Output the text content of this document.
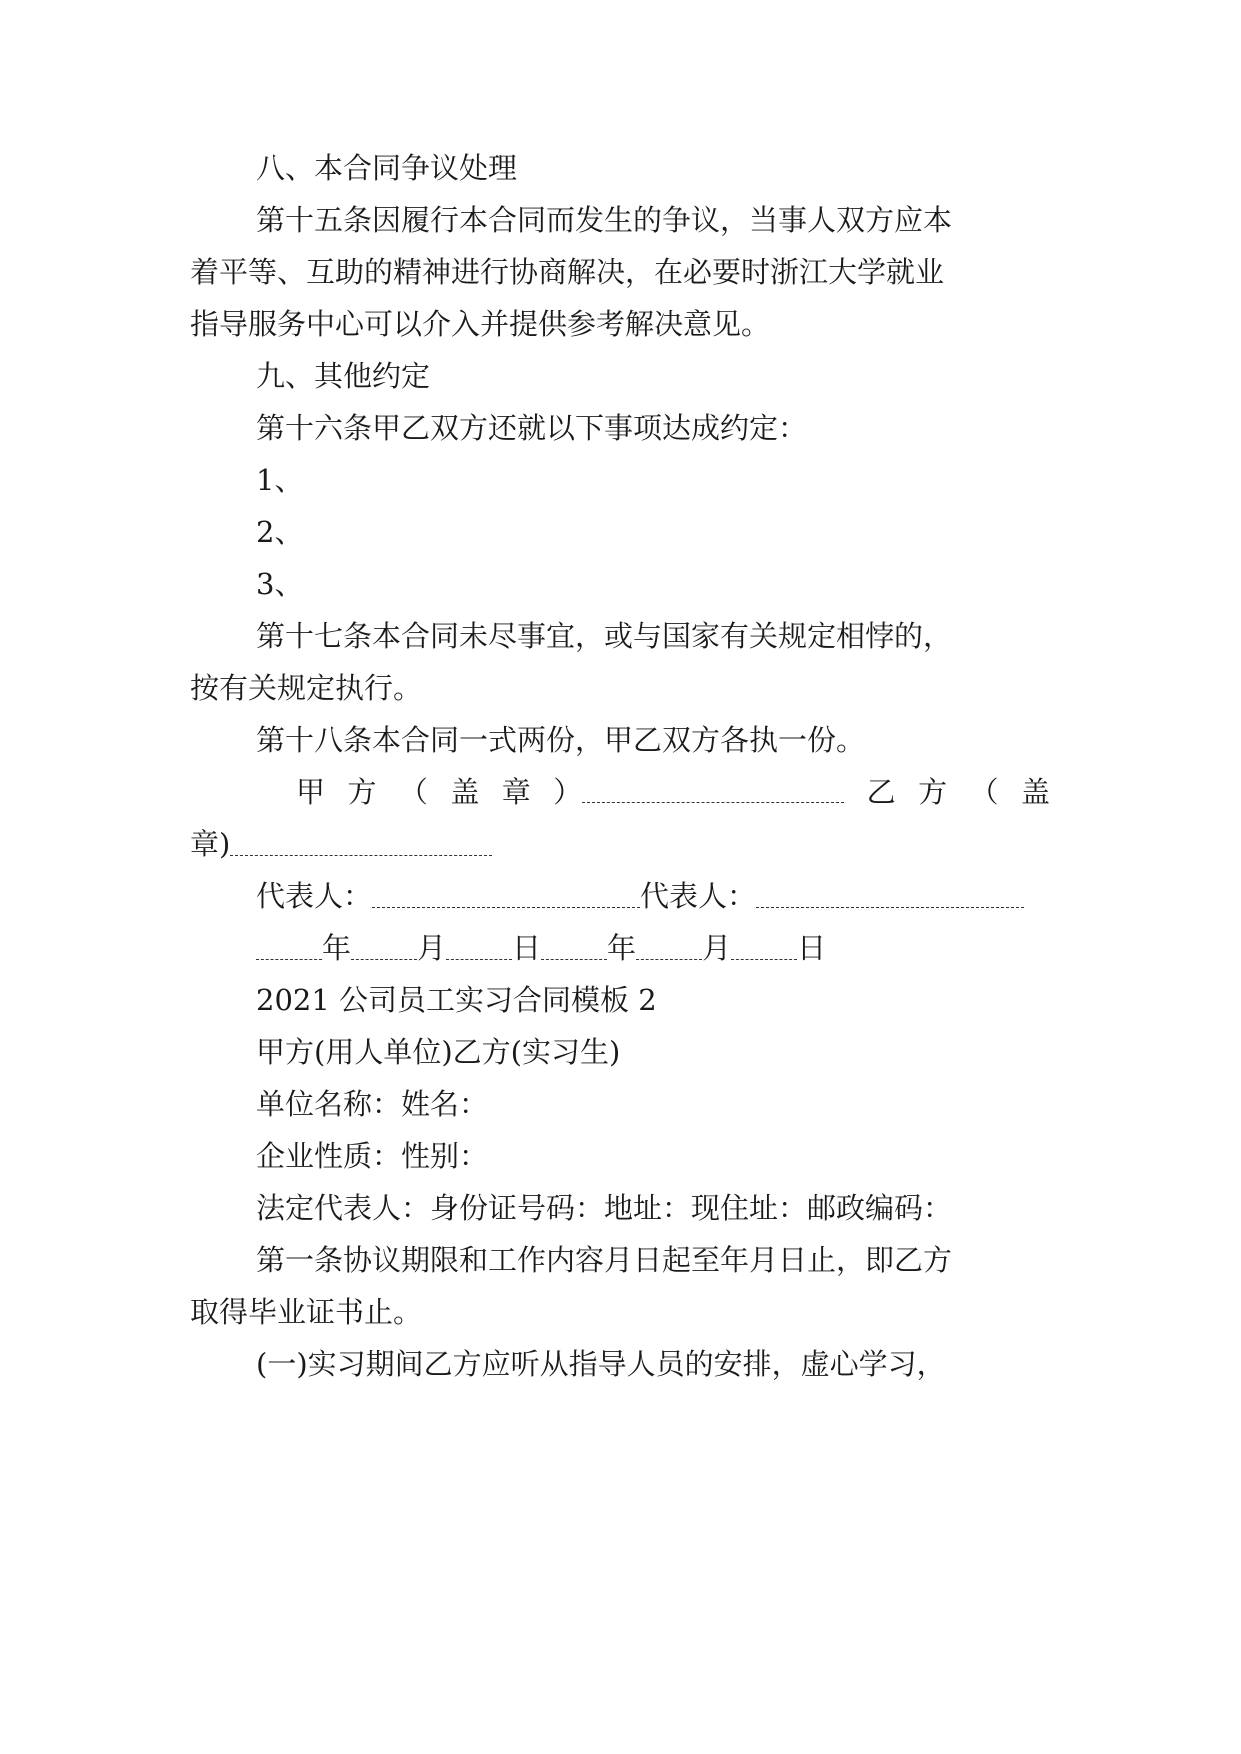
八、本合同争议处理
第十五条因履行本合同而发生的争议，当事人双方应本
着平等、互助的精神进行协商解决，在必要时浙江大学就业
指导服务中心可以介入并提供参考解决意见。
九、其他约定
第十六条甲乙双方还就以下事项达成约定：
1、
2、
3、
第十七条本合同未尽事宜，或与国家有关规定相悖的，
按有关规定执行。
第十八条本合同一式两份，甲乙双方各执一份。
甲 方 （ 盖 章 ）	乙 方 （ 盖
章)
代表人：	代表人：
年 月 日 年 月 日
2021 公司员工实习合同模板 2
甲方(用人单位)乙方(实习生)
单位名称：姓名：
企业性质：性别：
法定代表人：身份证号码：地址：现住址：邮政编码：
第一条协议期限和工作内容月日起至年月日止，即乙方
取得毕业证书止。
(一)实习期间乙方应听从指导人员的安排，虚心学习，
